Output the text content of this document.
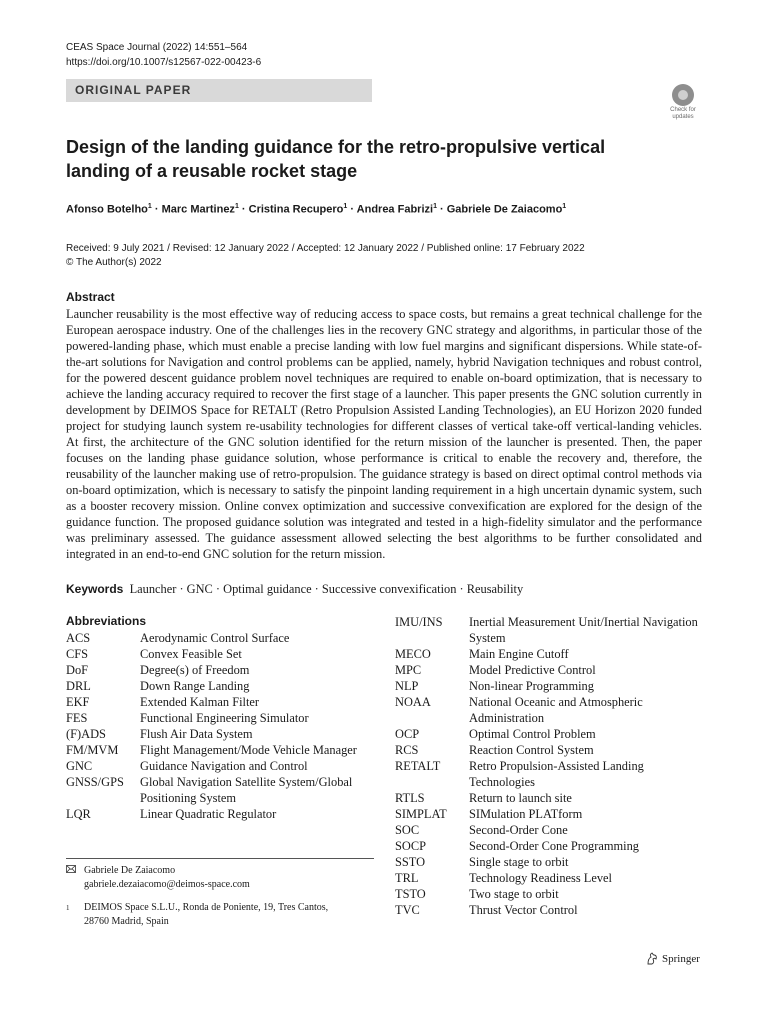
CEAS Space Journal (2022) 14:551–564
https://doi.org/10.1007/s12567-022-00423-6
ORIGINAL PAPER
Check for
updates
Design of the landing guidance for the retro-propulsive vertical
landing of a reusable rocket stage
Afonso Botelho$^1$ · Marc Martinez$^1$ · Cristina Recupero$^1$ · Andrea Fabrizi$^1$ · Gabriele De Zaiacomo$^1$
Received: 9 July 2021 / Revised: 12 January 2022 / Accepted: 12 January 2022 / Published online: 17 February 2022
© The Author(s) 2022
Abstract
Launcher reusability is the most effective way of reducing access to space costs, but remains a great technical challenge for the European aerospace industry. One of the challenges lies in the recovery GNC strategy and algorithms, in particular those of the powered-landing phase, which must enable a precise landing with low fuel margins and significant dispersions. While state-of-the-art solutions for Navigation and control problems can be applied, namely, hybrid Navigation techniques and robust control, for the powered descent guidance problem novel techniques are required to enable on-board optimization, that is necessary to achieve the landing accuracy required to recover the first stage of a launcher. This paper presents the GNC solution currently in development by DEIMOS Space for RETALT (Retro Propulsion Assisted Landing Technologies), an EU Horizon 2020 funded project for studying launch system re-usability technologies for different classes of vertical take-off vertical-landing vehicles. At first, the architecture of the GNC solution identified for the return mission of the launcher is presented. Then, the paper focuses on the landing phase guidance solution, whose performance is critical to enable the recovery and, therefore, the reusability of the launcher making use of retro-propulsion. The guidance strategy is based on direct optimal control methods via on-board optimization, which is necessary to satisfy the pinpoint landing requirement in a high uncertain dynamic system, such as a booster recovery mission. Online convex optimization and successive convexification are explored for the design of the guidance function. The proposed guidance solution was integrated and tested in a high-fidelity simulator and the performance was preliminary assessed. The guidance assessment allowed selecting the best algorithms to be further consolidated and integrated in an end-to-end GNC solution for the return mission.
Keywords Launcher · GNC · Optimal guidance · Successive convexification · Reusability
Abbreviations
ACS	Aerodynamic Control Surface
CFS	Convex Feasible Set
DoF	Degree(s) of Freedom
DRL	Down Range Landing
EKF	Extended Kalman Filter
FES	Functional Engineering Simulator
(F)ADS	Flush Air Data System
FM/MVM	Flight Management/Mode Vehicle Manager
GNC	Guidance Navigation and Control
GNSS/GPS	Global Navigation Satellite System/Global Positioning System
LQR	Linear Quadratic Regulator
IMU/INS	Inertial Measurement Unit/Inertial Navigation System
MECO	Main Engine Cutoff
MPC	Model Predictive Control
NLP	Non-linear Programming
NOAA	National Oceanic and Atmospheric Administration
OCP	Optimal Control Problem
RCS	Reaction Control System
RETALT	Retro Propulsion-Assisted Landing Technologies
RTLS	Return to launch site
SIMPLAT	SIMulation PLATform
SOC	Second-Order Cone
SOCP	Second-Order Cone Programming
SSTO	Single stage to orbit
TRL	Technology Readiness Level
TSTO	Two stage to orbit
TVC	Thrust Vector Control
Gabriele De Zaiacomo
gabriele.dezaiacomo@deimos-space.com
1	DEIMOS Space S.L.U., Ronda de Poniente, 19, Tres Cantos,
28760 Madrid, Spain
Springer
